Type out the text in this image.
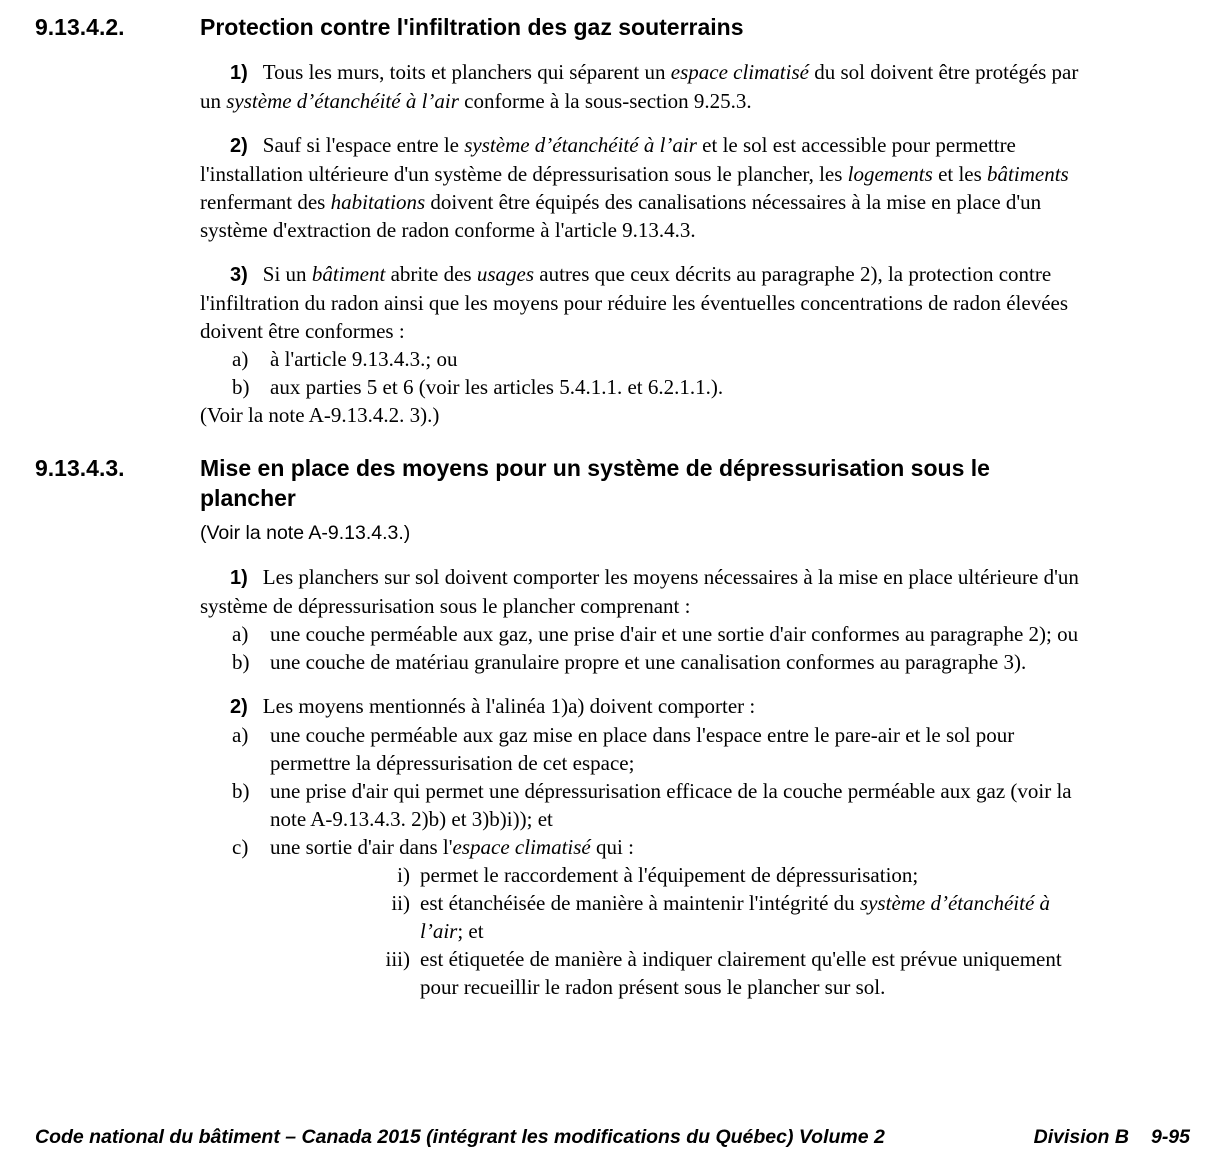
9.13.4.2.	Protection contre l'infiltration des gaz souterrains
1) Tous les murs, toits et planchers qui séparent un espace climatisé du sol doivent être protégés par un système d’étanchéité à l’air conforme à la sous-section 9.25.3.
2) Sauf si l'espace entre le système d’étanchéité à l’air et le sol est accessible pour permettre l'installation ultérieure d'un système de dépressurisation sous le plancher, les logements et les bâtiments renfermant des habitations doivent être équipés des canalisations nécessaires à la mise en place d'un système d'extraction de radon conforme à l'article 9.13.4.3.
3) Si un bâtiment abrite des usages autres que ceux décrits au paragraphe 2), la protection contre l'infiltration du radon ainsi que les moyens pour réduire les éventuelles concentrations de radon élevées doivent être conformes :
a)	à l'article 9.13.4.3.; ou
b) aux parties 5 et 6 (voir les articles 5.4.1.1. et 6.2.1.1.).
(Voir la note A-9.13.4.2. 3).)
9.13.4.3.	Mise en place des moyens pour un système de dépressurisation sous le plancher
(Voir la note A-9.13.4.3.)
1) Les planchers sur sol doivent comporter les moyens nécessaires à la mise en place ultérieure d'un système de dépressurisation sous le plancher comprenant :
a)	une couche perméable aux gaz, une prise d'air et une sortie d'air conformes au paragraphe 2); ou
b) une couche de matériau granulaire propre et une canalisation conformes au paragraphe 3).
2) Les moyens mentionnés à l'alinéa 1)a) doivent comporter :
a)	une couche perméable aux gaz mise en place dans l'espace entre le pare-air et le sol pour permettre la dépressurisation de cet espace;
b) une prise d'air qui permet une dépressurisation efficace de la couche perméable aux gaz (voir la note A-9.13.4.3. 2)b) et 3)b)i)); et
c)	une sortie d'air dans l'espace climatisé qui :
i) permet le raccordement à l'équipement de dépressurisation;
ii) est étanchéisée de manière à maintenir l'intégrité du système d’étanchéité à l’air; et
iii) est étiquetée de manière à indiquer clairement qu'elle est prévue uniquement pour recueillir le radon présent sous le plancher sur sol.
Code national du bâtiment – Canada 2015 (intégrant les modifications du Québec) Volume 2	Division B 9-95
